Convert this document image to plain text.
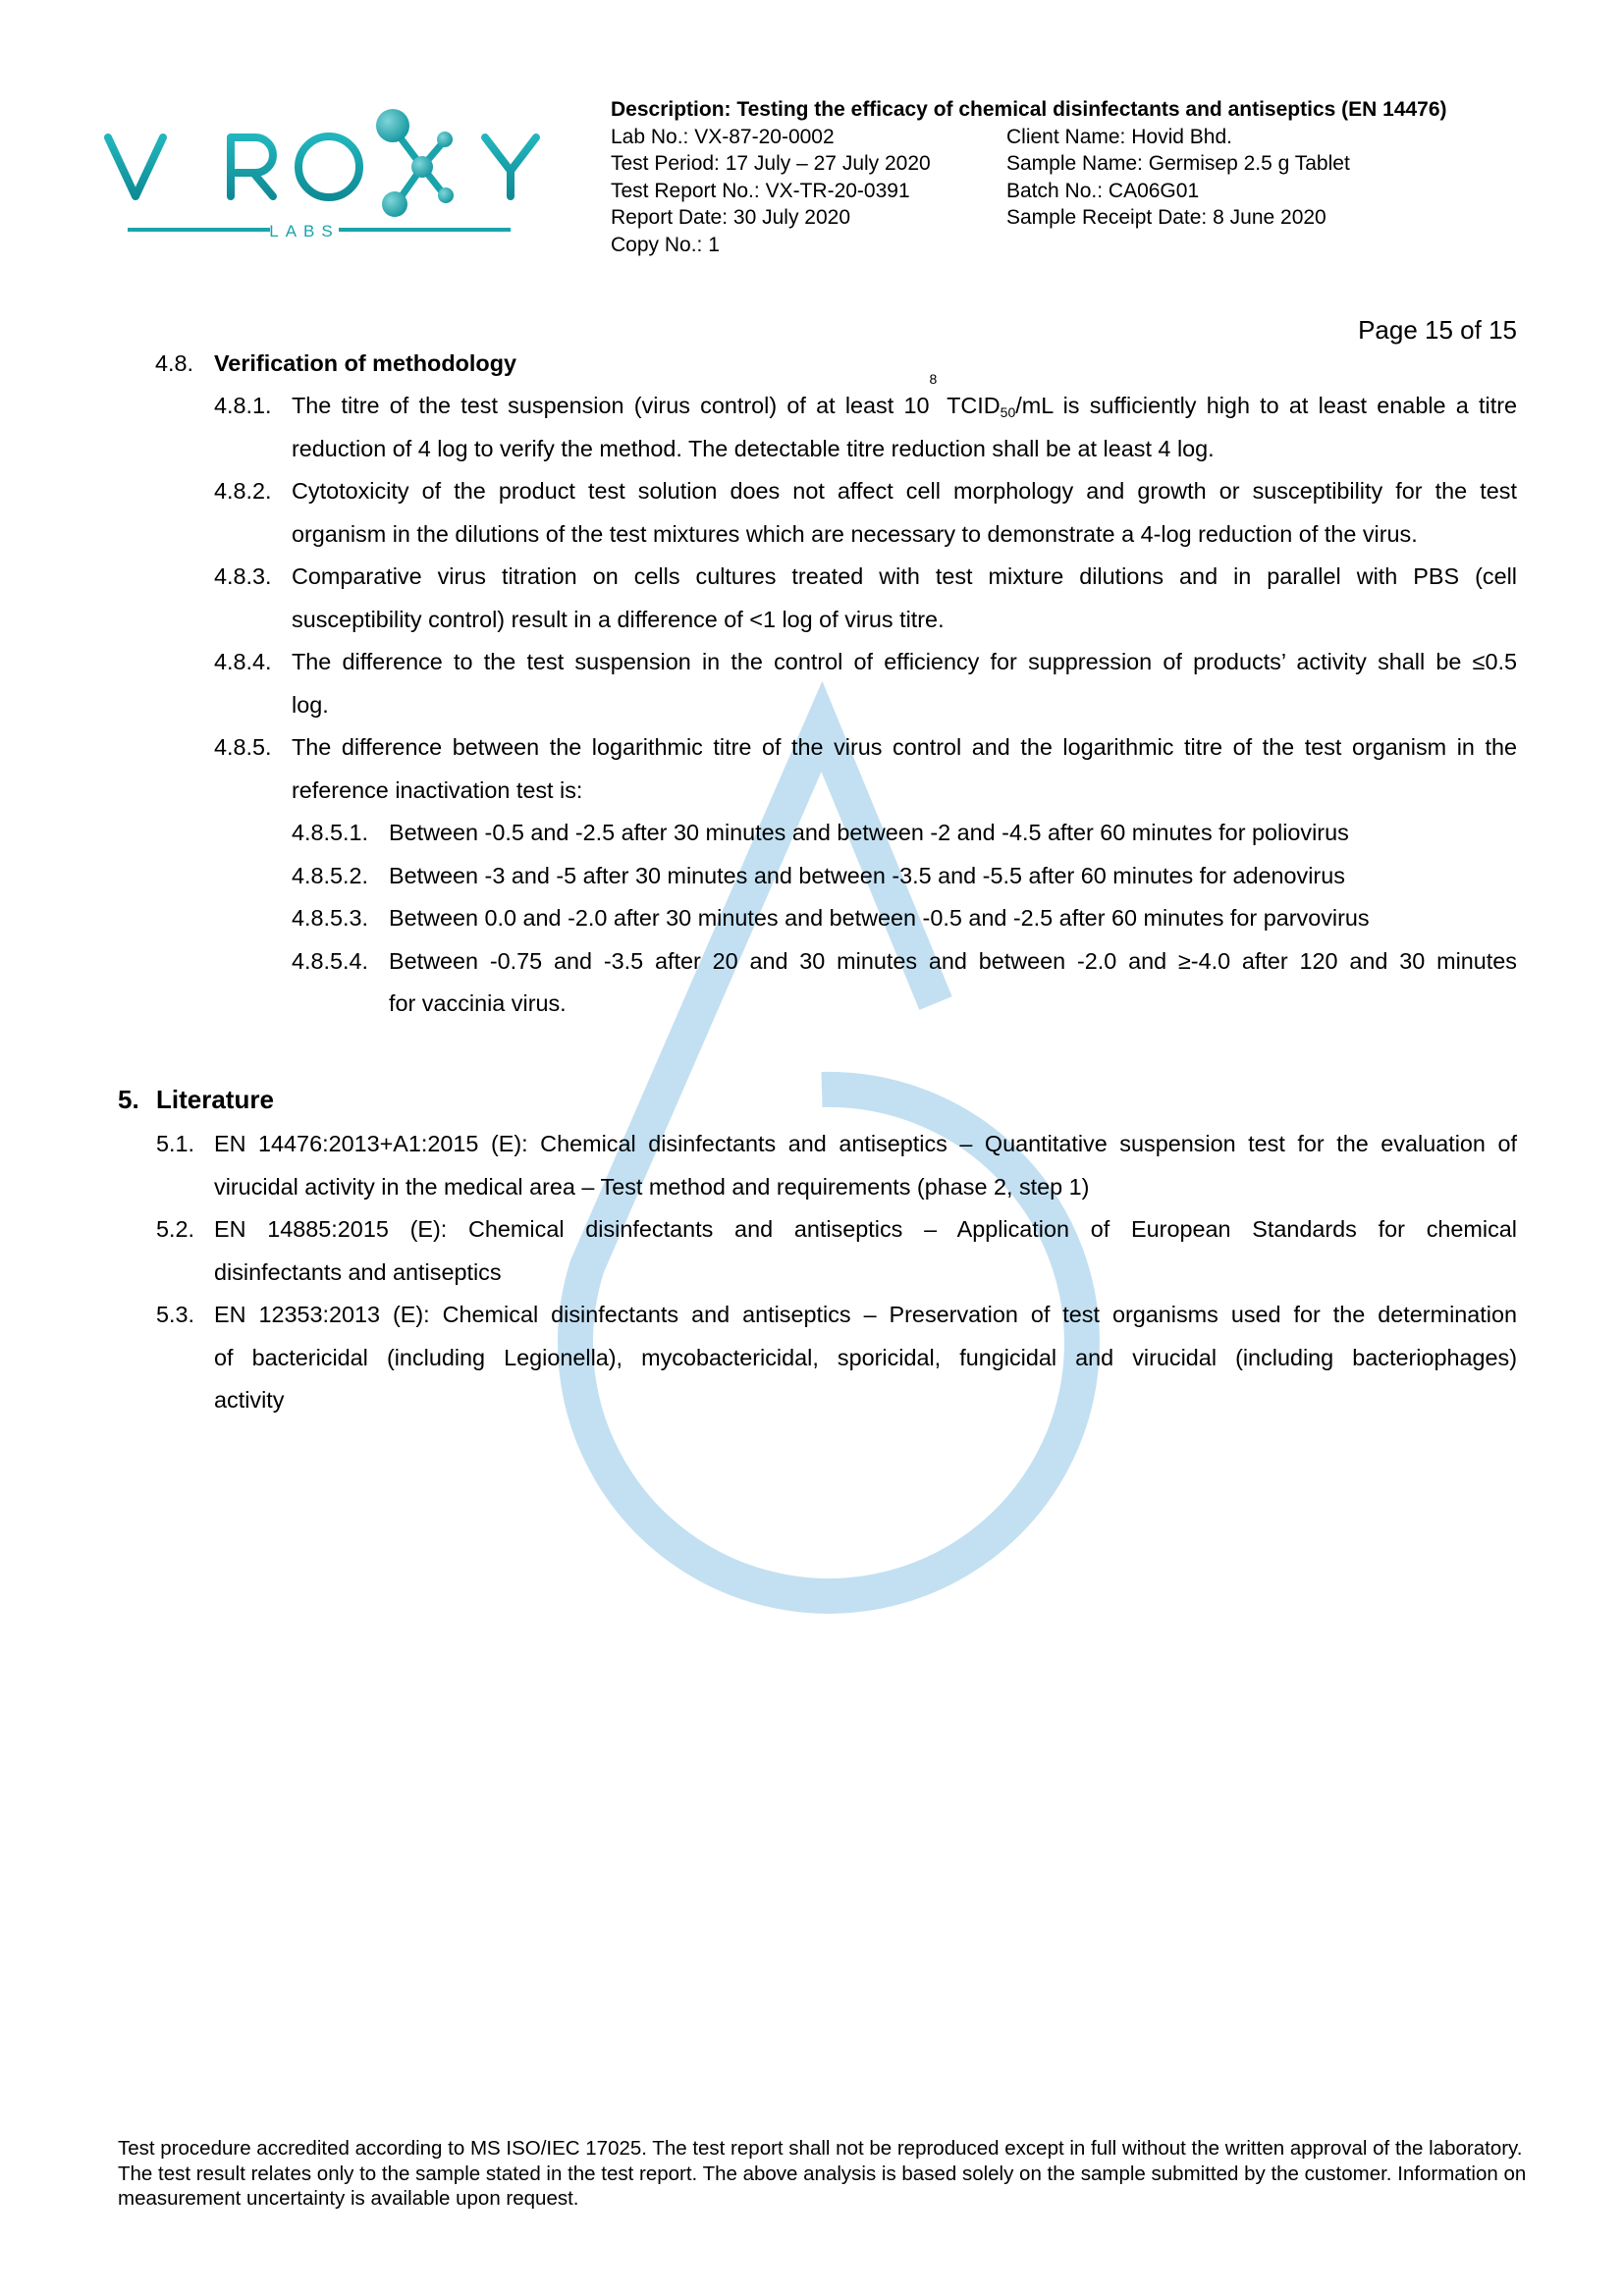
LABS
Description: Testing the efficacy of chemical disinfectants and antiseptics (EN 14476)
Lab No.: VX-87-20-0002
Test Period: 17 July – 27 July 2020
Test Report No.: VX-TR-20-0391
Report Date: 30 July 2020
Copy No.: 1
Client Name: Hovid Bhd.
Sample Name: Germisep 2.5 g Tablet
Batch No.: CA06G01
Sample Receipt Date: 8 June 2020
Page 15 of 15
4.8. Verification of methodology
4.8.1. The titre of the test suspension (virus control) of at least $10^8$ $TCID_{50}/mL$ is sufficiently high to at least enable a titre
reduction of 4 log to verify the method. The detectable titre reduction shall be at least 4 log.
4.8.2. Cytotoxicity of the product test solution does not affect cell morphology and growth or susceptibility for the test
organism in the dilutions of the test mixtures which are necessary to demonstrate a 4-log reduction of the virus.
4.8.3. Comparative virus titration on cells cultures treated with test mixture dilutions and in parallel with PBS (cell
susceptibility control) result in a difference of <1 log of virus titre.
4.8.4. The difference to the test suspension in the control of efficiency for suppression of products’ activity shall be ≤0.5
log.
4.8.5. The difference between the logarithmic titre of the virus control and the logarithmic titre of the test organism in the
reference inactivation test is:
4.8.5.1. Between -0.5 and -2.5 after 30 minutes and between -2 and -4.5 after 60 minutes for poliovirus
4.8.5.2. Between -3 and -5 after 30 minutes and between -3.5 and -5.5 after 60 minutes for adenovirus
4.8.5.3. Between 0.0 and -2.0 after 30 minutes and between -0.5 and -2.5 after 60 minutes for parvovirus
4.8.5.4. Between -0.75 and -3.5 after 20 and 30 minutes and between -2.0 and ≥-4.0 after 120 and 30 minutes
for vaccinia virus.
5. Literature
5.1. EN 14476:2013+A1:2015 (E): Chemical disinfectants and antiseptics – Quantitative suspension test for the evaluation of
virucidal activity in the medical area – Test method and requirements (phase 2, step 1)
5.2. EN 14885:2015 (E): Chemical disinfectants and antiseptics – Application of European Standards for chemical
disinfectants and antiseptics
5.3. EN 12353:2013 (E): Chemical disinfectants and antiseptics – Preservation of test organisms used for the determination
of bactericidal (including Legionella), mycobactericidal, sporicidal, fungicidal and virucidal (including bacteriophages)
activity
Test procedure accredited according to MS ISO/IEC 17025. The test report shall not be reproduced except in full without the written approval of the laboratory. The test result relates only to the sample stated in the test report. The above analysis is based solely on the sample submitted by the customer. Information on measurement uncertainty is available upon request.
